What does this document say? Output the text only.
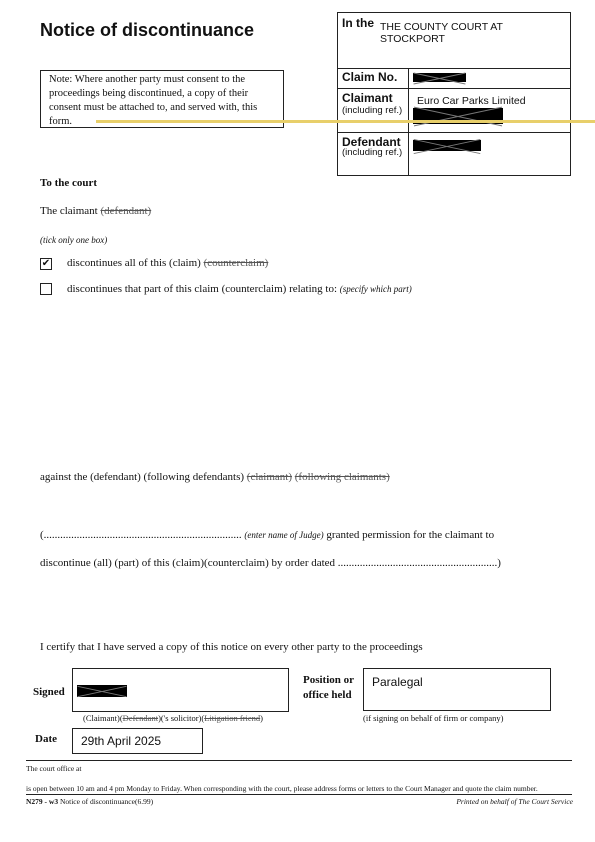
Notice of discontinuance
Note: Where another party must consent to the proceedings being discontinued, a copy of their consent must be attached to, and served with, this form.
In the THE COUNTY COURT AT STOCKPORT
Claim No.
Claimant
(including ref.)
Euro Car Parks Limited
Defendant
(including ref.)
To the court
The claimant (defendant)
(tick only one box)
✔ discontinues all of this (claim) (counterclaim)
discontinues that part of this claim (counterclaim) relating to: (specify which part)
against the (defendant) (following defendants) (claimant) (following claimants)
(........................................................................ (enter name of Judge) granted permission for the claimant to
discontinue (all) (part) of this (claim)(counterclaim) by order dated ..........................................................)
I certify that I have served a copy of this notice on every other party to the proceedings
Signed
(Claimant)(Defendant)('s solicitor)(Litigation friend)
Position or office held
Paralegal
(if signing on behalf of firm or company)
Date	29th April 2025
The court office at
is open between 10 am and 4 pm Monday to Friday. When corresponding with the court, please address forms or letters to the Court Manager and quote the claim number.
N279 - w3 Notice of discontinuance(6.99)	Printed on behalf of The Court Service
